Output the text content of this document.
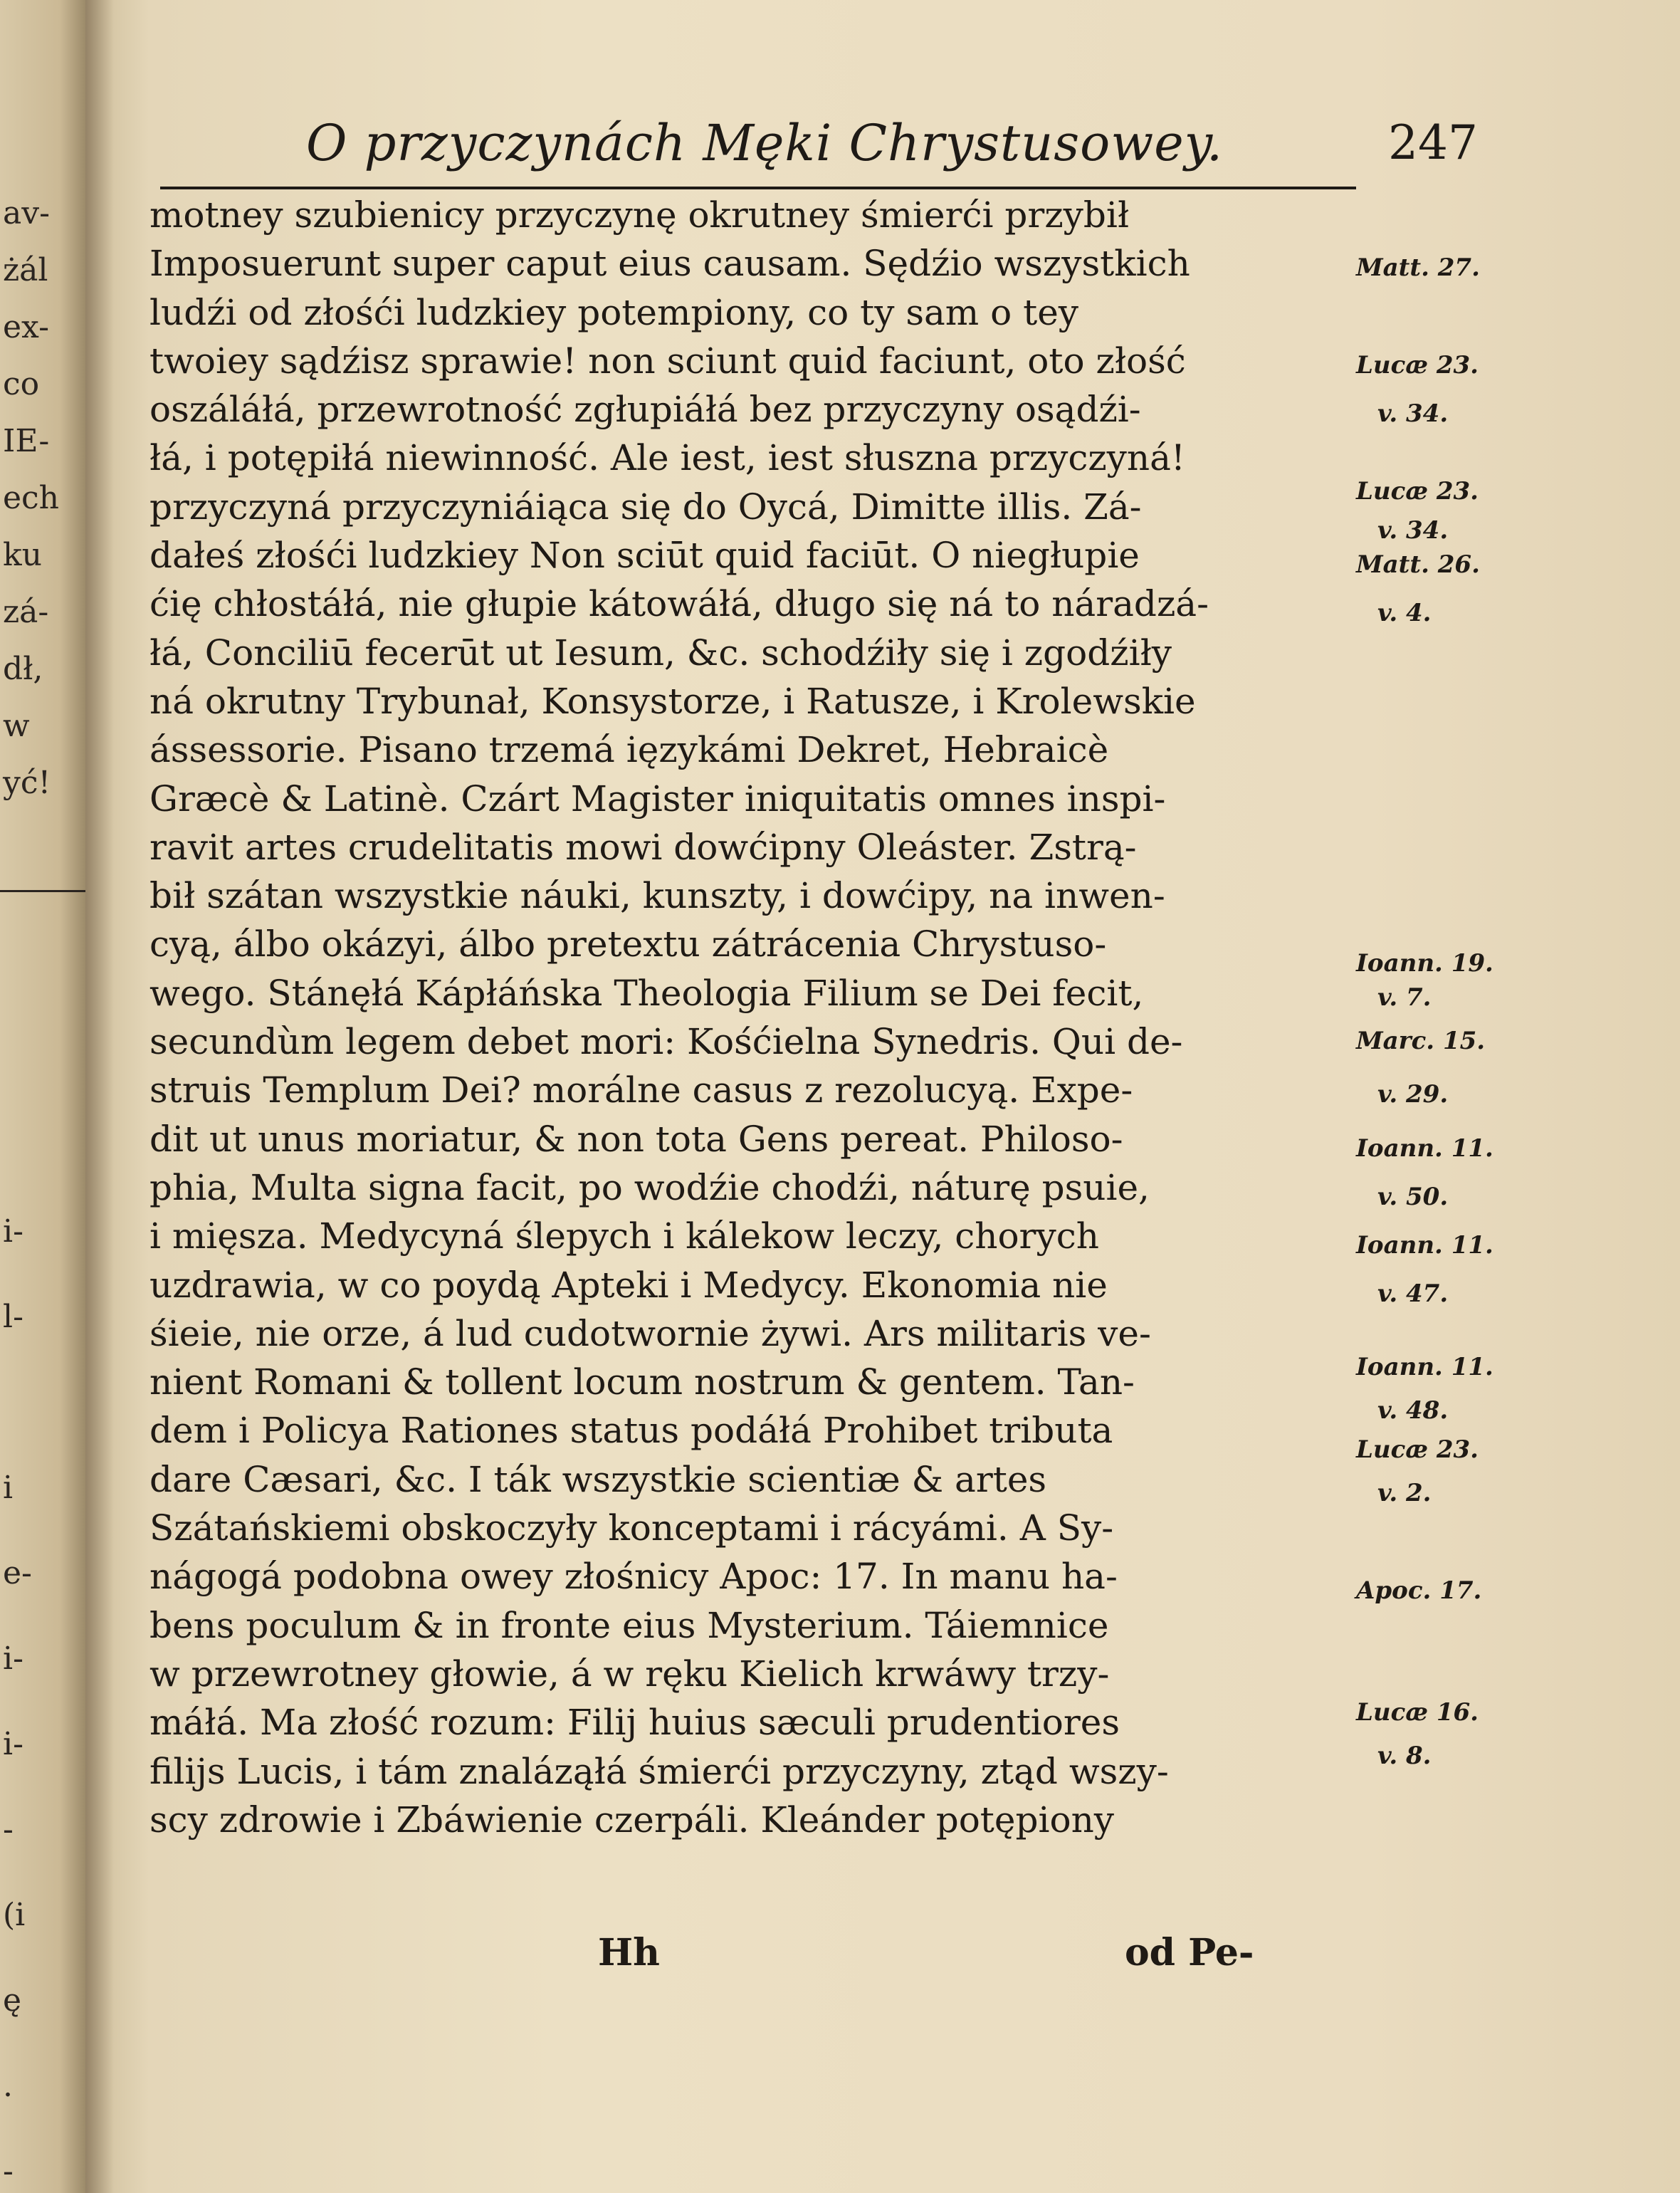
av-
żál
ex-
co
IE-
ech
ku
zá-
dł,
w
yć!
i-
l-
i
e-
i-
i-
-
(i
ę
.
-
O przyczynách Męki Chrystusowey.	247
motney szubienicy przyczynę okrutney śmierći przybił
Imposuerunt super caput eius causam. Sędźio wszystkich
ludźi od złośći ludzkiey potempiony, co ty sam o tey
twoiey sądźisz sprawie! non sciunt quid faciunt, oto złość
oszáláłá, przewrotność zgłupiáłá bez przyczyny osądźi-
łá, i potępiłá niewinność. Ale iest, iest słuszna przyczyná!
przyczyná przyczyniáiąca się do Oycá, Dimitte illis. Zá-
dałeś złośći ludzkiey Non sciūt quid faciūt. O niegłupie
ćię chłostáłá, nie głupie kátowáłá, długo się ná to náradzá-
łá, Conciliū fecerūt ut Iesum, &c. schodźiły się i zgodźiły
ná okrutny Trybunał, Konsystorze, i Ratusze, i Krolewskie
ássessorie. Pisano trzemá ięzykámi Dekret, Hebraicè
Græcè & Latinè. Czárt Magister iniquitatis omnes inspi-
ravit artes crudelitatis mowi dowćipny Oleáster. Zstrą-
bił szátan wszystkie náuki, kunszty, i dowćipy, na inwen-
cyą, álbo okázyi, álbo pretextu zátrácenia Chrystuso-
wego. Stánęłá Kápłáńska Theologia Filium se Dei fecit,
secundùm legem debet mori: Kośćielna Synedris. Qui de-
struis Templum Dei? morálne casus z rezolucyą. Expe-
dit ut unus moriatur, & non tota Gens pereat. Philoso-
phia, Multa signa facit, po wodźie chodźi, náturę psuie,
i mięsza. Medycyná ślepych i kálekow leczy, chorych
uzdrawia, w co poydą Apteki i Medycy. Ekonomia nie
śieie, nie orze, á lud cudotwornie żywi. Ars militaris ve-
nient Romani & tollent locum nostrum & gentem. Tan-
dem i Policya Rationes status podáłá Prohibet tributa
dare Cæsari, &c. I ták wszystkie scientiæ & artes
Szátańskiemi obskoczyły konceptami i rácyámi. A Sy-
nágogá podobna owey złośnicy Apoc: 17. In manu ha-
bens poculum & in fronte eius Mysterium. Táiemnice
w przewrotney głowie, á w ręku Kielich krwáwy trzy-
máłá. Ma złość rozum: Filij huius sæculi prudentiores
filijs Lucis, i tám znaláząłá śmierći przyczyny, ztąd wszy-
scy zdrowie i Zbáwienie czerpáli. Kleánder potępiony
Matt. 27.
Lucæ 23.
v. 34.
Lucæ 23.
v. 34.
Matt. 26.
v. 4.
Ioann. 19.
v. 7.
Marc. 15.
v. 29.
Ioann. 11.
v. 50.
Ioann. 11.
v. 47.
Ioann. 11.
v. 48.
Lucæ 23.
v. 2.
Apoc. 17.
Lucæ 16.
v. 8.
Hh	od Pe-
